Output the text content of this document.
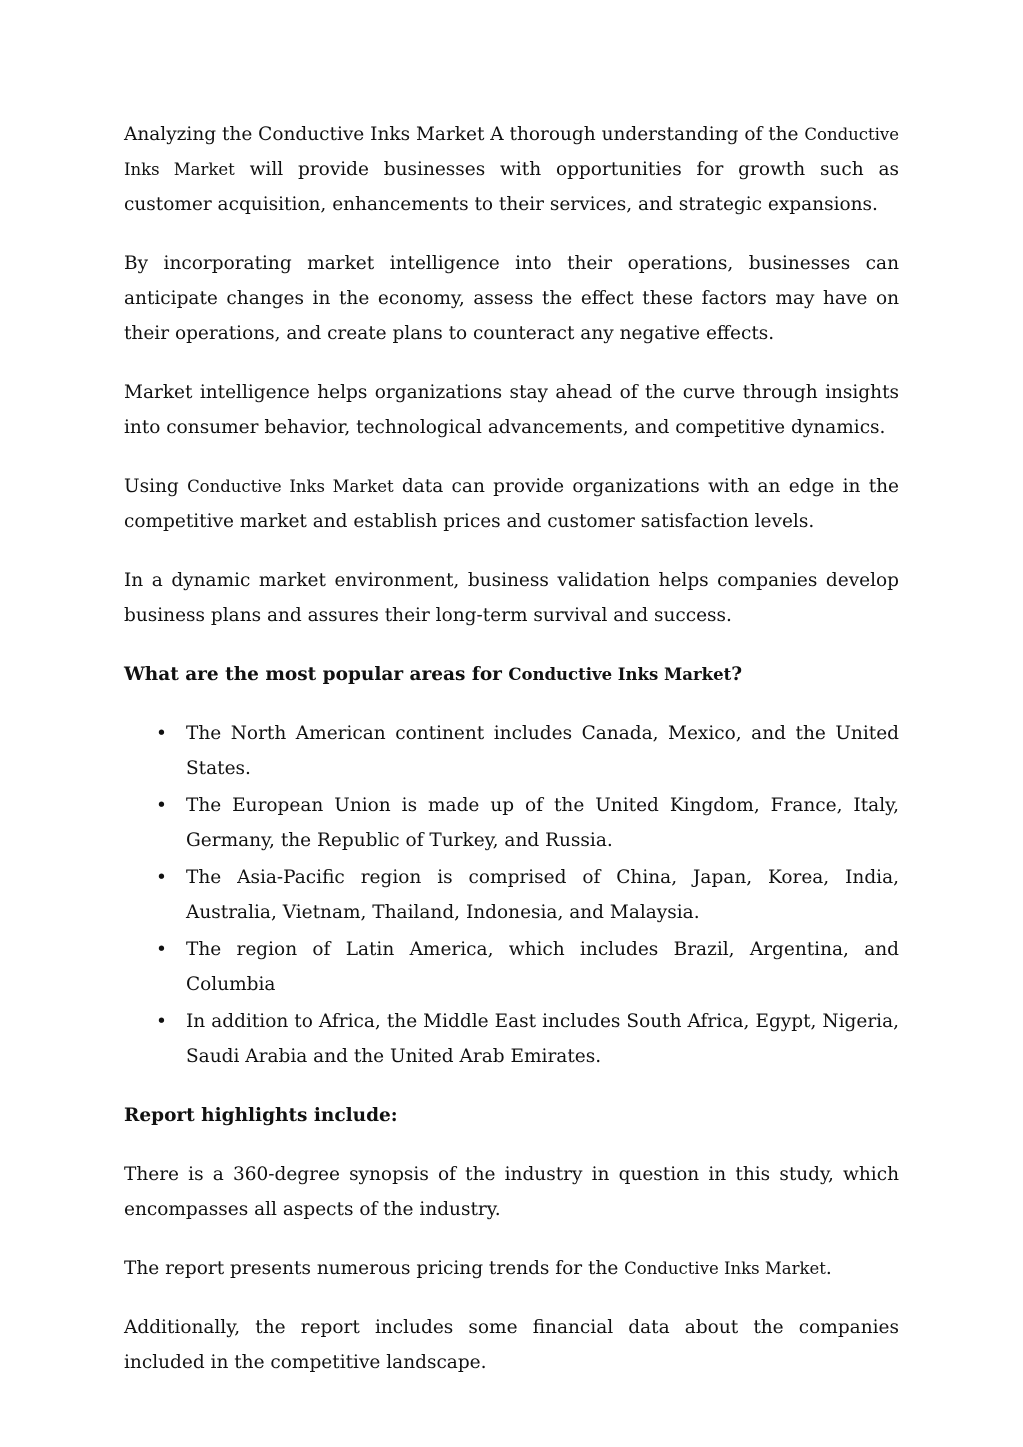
Analyzing the Conductive Inks Market A thorough understanding of the Conductive Inks Market will provide businesses with opportunities for growth such as customer acquisition, enhancements to their services, and strategic expansions.

By incorporating market intelligence into their operations, businesses can anticipate changes in the economy, assess the effect these factors may have on their operations, and create plans to counteract any negative effects.

Market intelligence helps organizations stay ahead of the curve through insights into consumer behavior, technological advancements, and competitive dynamics.

Using Conductive Inks Market data can provide organizations with an edge in the competitive market and establish prices and customer satisfaction levels.

In a dynamic market environment, business validation helps companies develop business plans and assures their long-term survival and success.

What are the most popular areas for Conductive Inks Market?
• The North American continent includes Canada, Mexico, and the United States.
• The European Union is made up of the United Kingdom, France, Italy, Germany, the Republic of Turkey, and Russia.
• The Asia-Pacific region is comprised of China, Japan, Korea, India, Australia, Vietnam, Thailand, Indonesia, and Malaysia.
• The region of Latin America, which includes Brazil, Argentina, and Columbia
• In addition to Africa, the Middle East includes South Africa, Egypt, Nigeria, Saudi Arabia and the United Arab Emirates.
Report highlights include:

There is a 360-degree synopsis of the industry in question in this study, which encompasses all aspects of the industry.

The report presents numerous pricing trends for the Conductive Inks Market.

Additionally, the report includes some financial data about the companies included in the competitive landscape.
